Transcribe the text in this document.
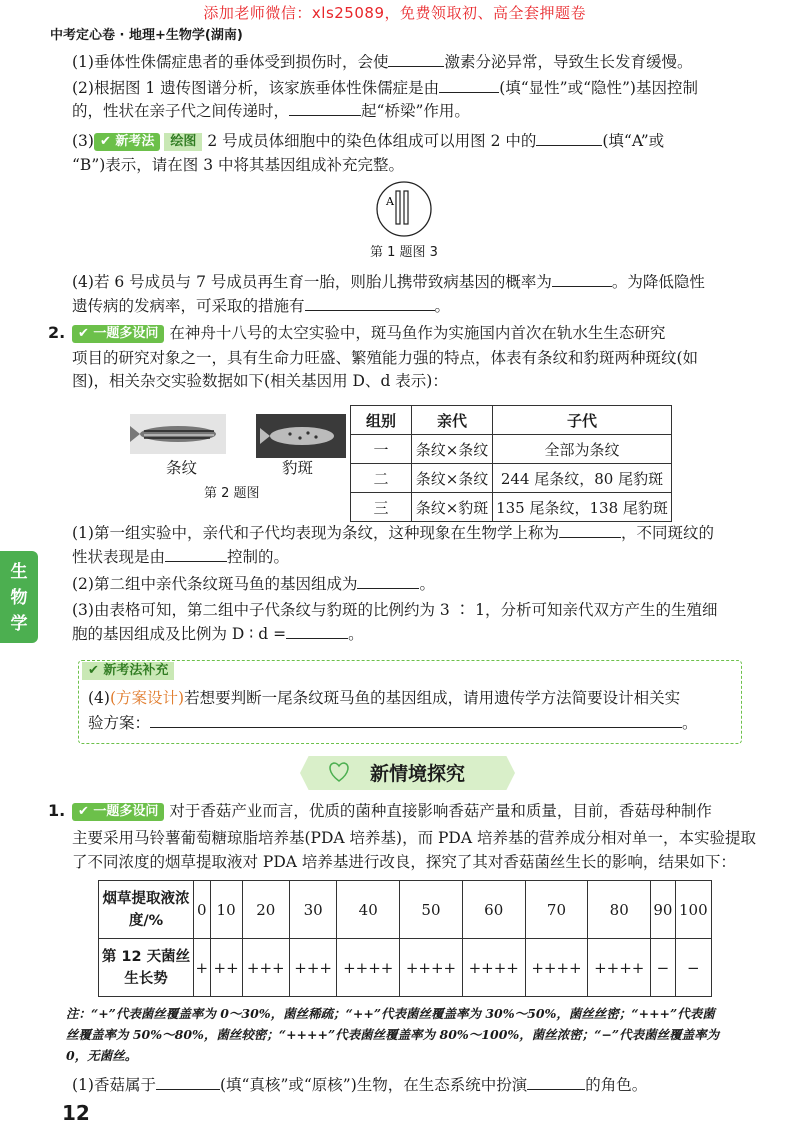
添加老师微信：xls25089，免费领取初、高全套押题卷
中考定心卷 · 地理+生物学(湖南)
(1)垂体性侏儒症患者的垂体受到损伤时，会使	激素分泌异常，导致生长发育缓慢。
(2)根据图 1 遗传图谱分析，该家族垂体性侏儒症是由	(填“显性”或“隐性”)基因控制
的，性状在亲子代之间传递时，	起“桥梁”作用。
(3) ✔ 新考法 绘图 2 号成员体细胞中的染色体组成可以用图 2 中的	(填“A”或
“B”)表示，请在图 3 中将其基因组成补充完整。
A
第 1 题图 3
(4)若 6 号成员与 7 号成员再生育一胎，则胎儿携带致病基因的概率为	。为降低隐性
遗传病的发病率，可采取的措施有	。
2. ✔ 一题多设问 在神舟十八号的太空实验中，斑马鱼作为实施国内首次在轨水生生态研究
项目的研究对象之一，具有生命力旺盛、繁殖能力强的特点，体表有条纹和豹斑两种斑纹(如
图)，相关杂交实验数据如下(相关基因用 D、d 表示)：
条纹	豹斑
第 2 题图
组别	亲代	子代
一	条纹×条纹	全部为条纹
二	条纹×条纹	244 尾条纹，80 尾豹斑
三	条纹×豹斑	135 尾条纹，138 尾豹斑
(1)第一组实验中，亲代和子代均表现为条纹，这种现象在生物学上称为	，不同斑纹的
性状表现是由	控制的。
(2)第二组中亲代条纹斑马鱼的基因组成为	。
(3)由表格可知，第二组中子代条纹与豹斑的比例约为 3 ∶ 1，分析可知亲代双方产生的生殖细
胞的基因组成及比例为 D ∶ d =	。
✔ 新考法补充
(4)(方案设计)若想要判断一尾条纹斑马鱼的基因组成，请用遗传学方法简要设计相关实
验方案：	。
生
物
学
新情境探究
1. ✔ 一题多设问 对于香菇产业而言，优质的菌种直接影响香菇产量和质量，目前，香菇母种制作
主要采用马铃薯葡萄糖琼脂培养基(PDA 培养基)，而 PDA 培养基的营养成分相对单一，本实验提取
了不同浓度的烟草提取液对 PDA 培养基进行改良，探究了其对香菇菌丝生长的影响，结果如下：
烟草提取液浓度/%	0	10	20	30	40	50	60	70	80	90	100
第 12 天菌丝生长势	+	++	+++	+++	++++	++++	++++	++++	++++	−	−
注：“+”代表菌丝覆盖率为 0～30%，菌丝稀疏；“++”代表菌丝覆盖率为 30%～50%，菌丝丝密；“+++”代表菌
丝覆盖率为 50%～80%，菌丝较密；“++++”代表菌丝覆盖率为 80%～100%，菌丝浓密；“−”代表菌丝覆盖率为
0，无菌丝。
(1)香菇属于	(填“真核”或“原核”)生物，在生态系统中扮演	的角色。
12
